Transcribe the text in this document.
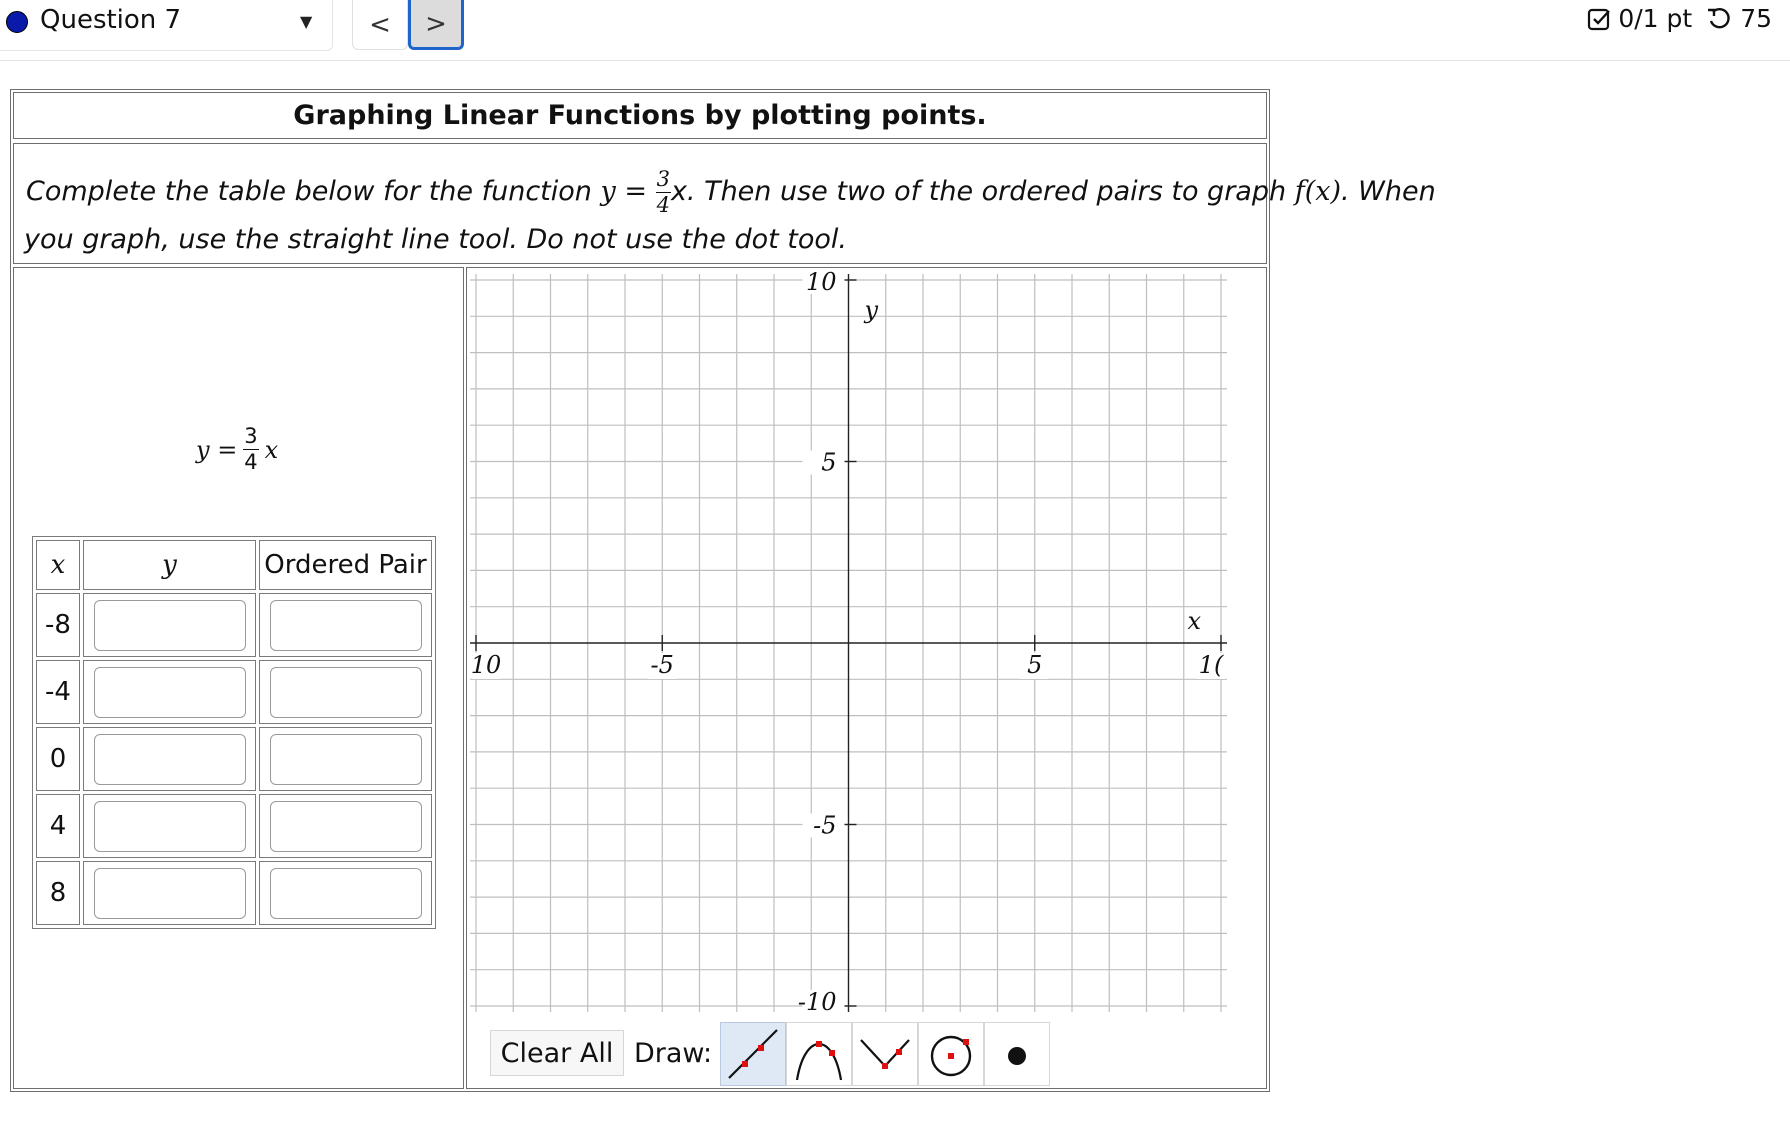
Question 7	▼	<	>	0/1 pt 75
Graphing Linear Functions by plotting points.
Complete the table below for the function $y = \frac{3}{4} x$. Then use two of the ordered pairs to graph f(x). When
you graph, use the straight line tool. Do not use the dot tool.
$y = \frac{3}{4}$ x
x	y	Ordered Pair
-8	

-4	

0	

4	

8	

10	-5	5	1(
10
5
-5
-10
x
y
Clear All Draw:
